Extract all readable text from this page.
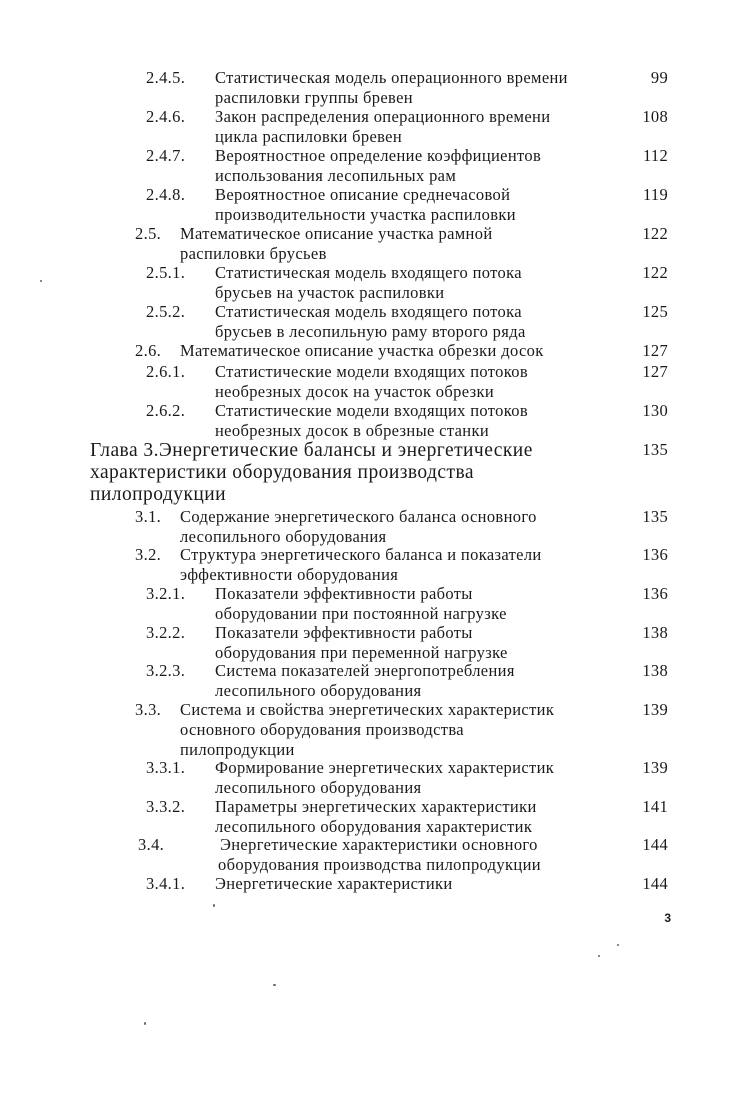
2.4.5. Статистическая модель операционного времени
распиловки группы бревен
2.4.6. Закон распределения операционного времени
цикла распиловки бревен
2.4.7. Вероятностное определение коэффициентов
использования лесопильных рам
2.4.8. Вероятностное описание среднечасовой
производительности участка распиловки
2.5. Математическое описание участка рамной
распиловки брусьев
2.5.1. Статистическая модель входящего потока
брусьев на участок распиловки
2.5.2. Статистическая модель входящего потока
брусьев в лесопильную раму второго ряда
2.6. Математическое описание участка обрезки досок
2.6.1. Статистические модели входящих потоков
необрезных досок на участок обрезки
2.6.2. Статистические модели входящих потоков
необрезных досок в обрезные станки
Глава 3.Энергетические балансы и энергетические
характеристики оборудования производства
пилопродукции
3.1. Содержание энергетического баланса основного
лесопильного оборудования
3.2. Структура энергетического баланса и показатели
эффективности оборудования
3.2.1. Показатели эффективности работы
оборудовании при постоянной нагрузке
3.2.2. Показатели эффективности работы
оборудования при переменной нагрузке
3.2.3. Система показателей энергопотребления
лесопильного оборудования
3.3. Система и свойства энергетических характеристик
основного оборудования производства
пилопродукции
3.3.1. Формирование энергетических характеристик
лесопильного оборудования
3.3.2. Параметры энергетических характеристики
лесопильного оборудования характеристик
3.4.	Энергетические характеристики основного
оборудования производства пилопродукции
3.4.1. Энергетические характеристики
99
108
112
119
122
122
125
127
127
130
135
135
136
136
138
138
139
139
141
144
144
3
